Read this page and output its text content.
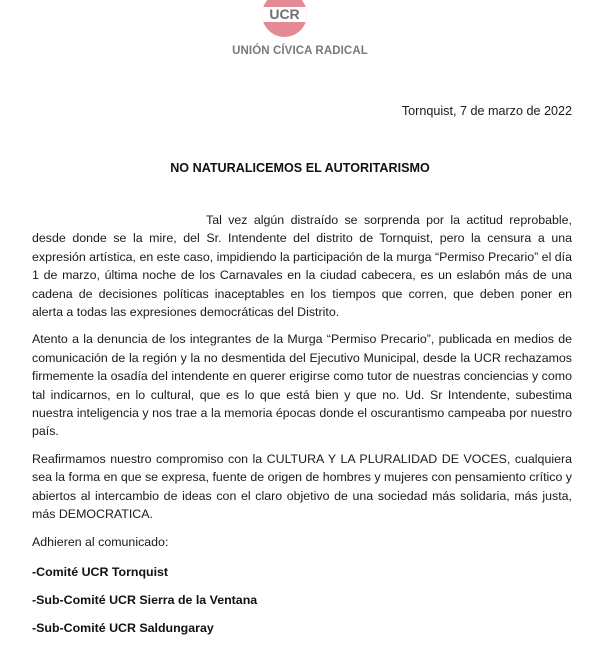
UCR
UNIÓN CÍVICA RADICAL
Tornquist, 7 de marzo de 2022
NO NATURALICEMOS EL AUTORITARISMO

Tal vez algún distraído se sorprenda por la actitud reprobable, desde donde se la mire, del Sr. Intendente del distrito de Tornquist, pero la censura a una expresión artística, en este caso, impidiendo la participación de la murga “Permiso Precario” el día 1 de marzo, última noche de los Carnavales en la ciudad cabecera, es un eslabón más de una cadena de decisiones políticas inaceptables en los tiempos que corren, que deben poner en alerta a todas las expresiones democráticas del Distrito.

Atento a la denuncia de los integrantes de la Murga “Permiso Precario”, publicada en medios de comunicación de la región y la no desmentida del Ejecutivo Municipal, desde la UCR rechazamos firmemente la osadía del intendente en querer erigirse como tutor de nuestras conciencias y como tal indicarnos, en lo cultural, que es lo que está bien y que no. Ud. Sr Intendente, subestima nuestra inteligencia y nos trae a la memoria épocas donde el oscurantismo campeaba por nuestro país.

Reafirmamos nuestro compromiso con la CULTURA Y LA PLURALIDAD DE VOCES, cualquiera sea la forma en que se expresa, fuente de origen de hombres y mujeres con pensamiento crítico y abiertos al intercambio de ideas con el claro objetivo de una sociedad más solidaria, más justa, más DEMOCRATICA.

Adhieren al comunicado:

-Comité UCR Tornquist
-Sub-Comité UCR Sierra de la Ventana
-Sub-Comité UCR Saldungaray
